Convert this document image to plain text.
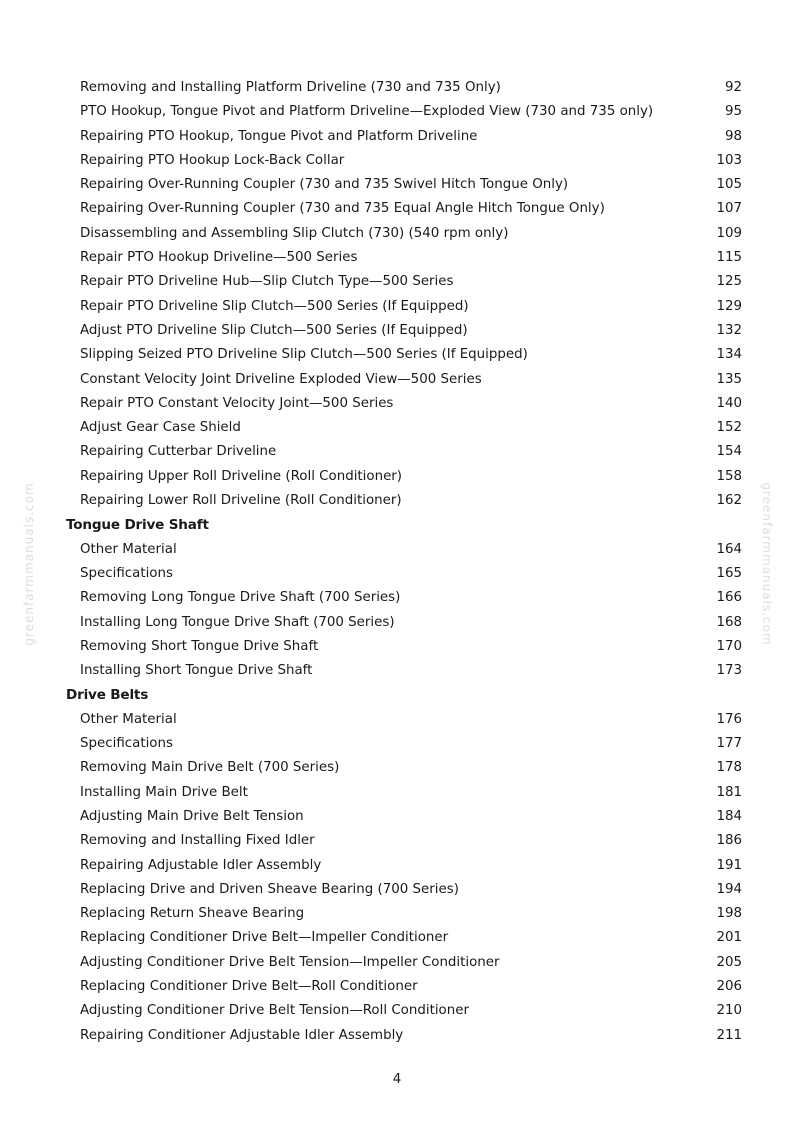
greenfarmmanuals.com	greenfarmmanuals.com
Removing and Installing Platform Driveline (730 and 735 Only)	92
PTO Hookup, Tongue Pivot and Platform Driveline—Exploded View (730 and 735 only)	95
Repairing PTO Hookup, Tongue Pivot and Platform Driveline	98
Repairing PTO Hookup Lock-Back Collar	103
Repairing Over-Running Coupler (730 and 735 Swivel Hitch Tongue Only)	105
Repairing Over-Running Coupler (730 and 735 Equal Angle Hitch Tongue Only)	107
Disassembling and Assembling Slip Clutch (730) (540 rpm only)	109
Repair PTO Hookup Driveline—500 Series	115
Repair PTO Driveline Hub—Slip Clutch Type—500 Series	125
Repair PTO Driveline Slip Clutch—500 Series (If Equipped)	129
Adjust PTO Driveline Slip Clutch—500 Series (If Equipped)	132
Slipping Seized PTO Driveline Slip Clutch—500 Series (If Equipped)	134
Constant Velocity Joint Driveline Exploded View—500 Series	135
Repair PTO Constant Velocity Joint—500 Series	140
Adjust Gear Case Shield	152
Repairing Cutterbar Driveline	154
Repairing Upper Roll Driveline (Roll Conditioner)	158
Repairing Lower Roll Driveline (Roll Conditioner)	162
Tongue Drive Shaft
Other Material	164
Specifications	165
Removing Long Tongue Drive Shaft (700 Series)	166
Installing Long Tongue Drive Shaft (700 Series)	168
Removing Short Tongue Drive Shaft	170
Installing Short Tongue Drive Shaft	173
Drive Belts
Other Material	176
Specifications	177
Removing Main Drive Belt (700 Series)	178
Installing Main Drive Belt	181
Adjusting Main Drive Belt Tension	184
Removing and Installing Fixed Idler	186
Repairing Adjustable Idler Assembly	191
Replacing Drive and Driven Sheave Bearing (700 Series)	194
Replacing Return Sheave Bearing	198
Replacing Conditioner Drive Belt—Impeller Conditioner	201
Adjusting Conditioner Drive Belt Tension—Impeller Conditioner	205
Replacing Conditioner Drive Belt—Roll Conditioner	206
Adjusting Conditioner Drive Belt Tension—Roll Conditioner	210
Repairing Conditioner Adjustable Idler Assembly	211
4
